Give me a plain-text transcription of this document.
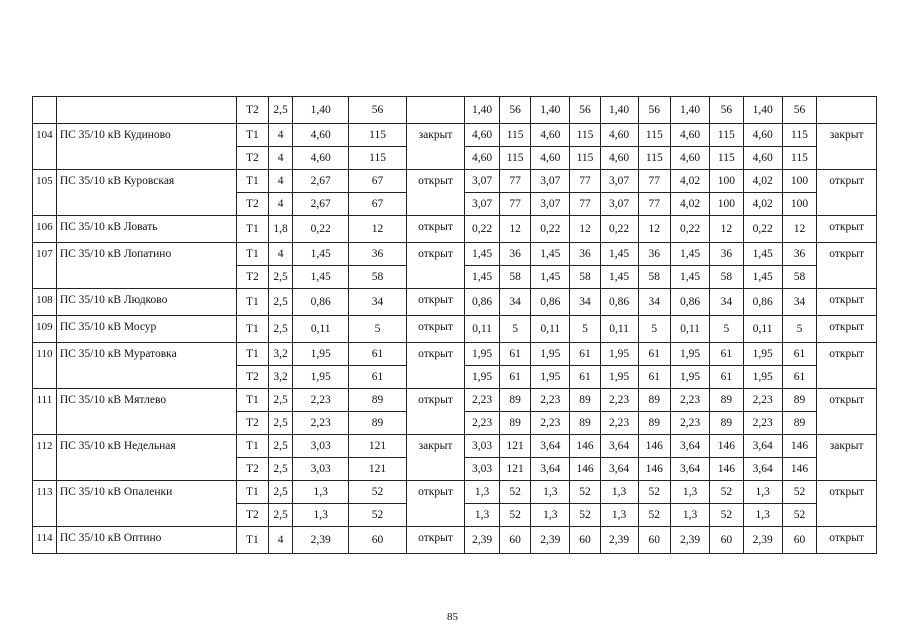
		Т2	2,5	1,40	56		1,40	56	1,40	56	1,40	56	1,40	56	1,40	56	
104	ПС 35/10 кВ Кудиново	Т1	4	4,60	115	закрыт	4,60	115	4,60	115	4,60	115	4,60	115	4,60	115	закрыт
		Т2	4	4,60	115		4,60	115	4,60	115	4,60	115	4,60	115	4,60	115	
105	ПС 35/10 кВ Куровская	Т1	4	2,67	67	открыт	3,07	77	3,07	77	3,07	77	4,02	100	4,02	100	открыт
		Т2	4	2,67	67		3,07	77	3,07	77	3,07	77	4,02	100	4,02	100	
106	ПС 35/10 кВ Ловать	Т1	1,8	0,22	12	открыт	0,22	12	0,22	12	0,22	12	0,22	12	0,22	12	открыт
107	ПС 35/10 кВ Лопатино	Т1	4	1,45	36	открыт	1,45	36	1,45	36	1,45	36	1,45	36	1,45	36	открыт
		Т2	2,5	1,45	58		1,45	58	1,45	58	1,45	58	1,45	58	1,45	58	
108	ПС 35/10 кВ Людково	Т1	2,5	0,86	34	открыт	0,86	34	0,86	34	0,86	34	0,86	34	0,86	34	открыт
109	ПС 35/10 кВ Мосур	Т1	2,5	0,11	5	открыт	0,11	5	0,11	5	0,11	5	0,11	5	0,11	5	открыт
110	ПС 35/10 кВ Муратовка	Т1	3,2	1,95	61	открыт	1,95	61	1,95	61	1,95	61	1,95	61	1,95	61	открыт
		Т2	3,2	1,95	61		1,95	61	1,95	61	1,95	61	1,95	61	1,95	61	
111	ПС 35/10 кВ Мятлево	Т1	2,5	2,23	89	открыт	2,23	89	2,23	89	2,23	89	2,23	89	2,23	89	открыт
		Т2	2,5	2,23	89		2,23	89	2,23	89	2,23	89	2,23	89	2,23	89	
112	ПС 35/10 кВ Недельная	Т1	2,5	3,03	121	закрыт	3,03	121	3,64	146	3,64	146	3,64	146	3,64	146	закрыт
		Т2	2,5	3,03	121		3,03	121	3,64	146	3,64	146	3,64	146	3,64	146	
113	ПС 35/10 кВ Опаленки	Т1	2,5	1,3	52	открыт	1,3	52	1,3	52	1,3	52	1,3	52	1,3	52	открыт
		Т2	2,5	1,3	52		1,3	52	1,3	52	1,3	52	1,3	52	1,3	52	
114	ПС 35/10 кВ Оптино	Т1	4	2,39	60	открыт	2,39	60	2,39	60	2,39	60	2,39	60	2,39	60	открыт
85
